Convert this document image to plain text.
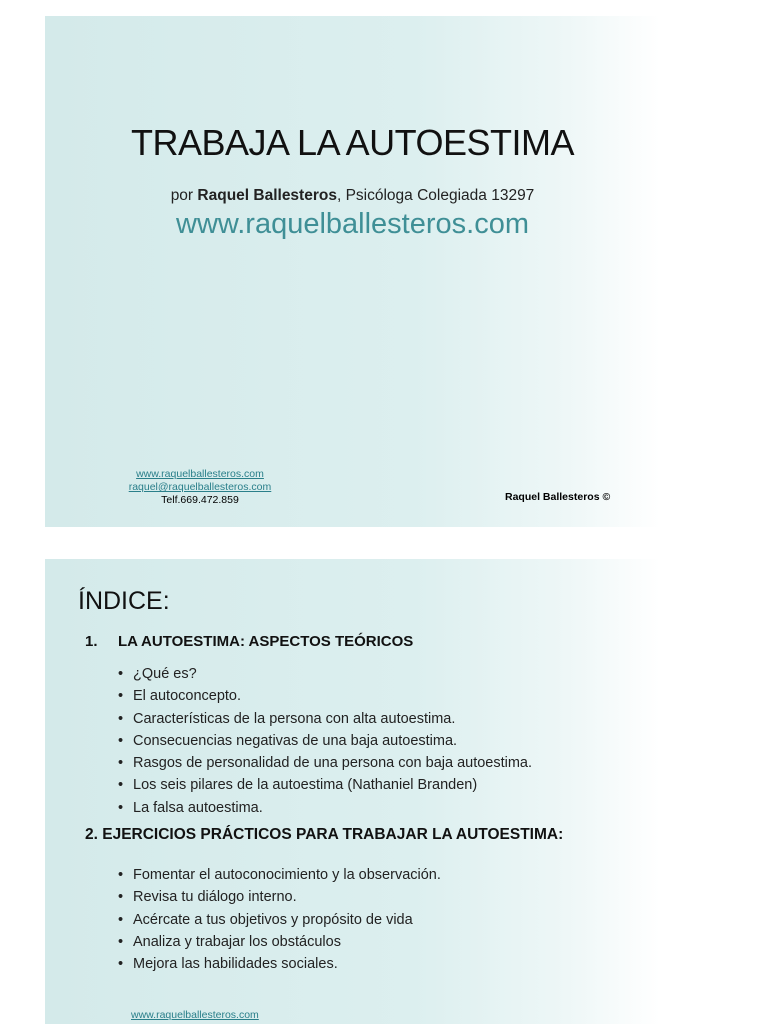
TRABAJA LA AUTOESTIMA
por Raquel Ballesteros, Psicóloga Colegiada 13297
www.raquelballesteros.com
www.raquelballesteros.com
raquel@raquelballesteros.com
Telf.669.472.859	Raquel Ballesteros ©
ÍNDICE:
1. LA AUTOESTIMA: ASPECTOS TEÓRICOS
• ¿Qué es?
• El autoconcepto.
• Características de la persona con alta autoestima.
• Consecuencias negativas de una baja autoestima.
• Rasgos de personalidad de una persona con baja autoestima.
• Los seis pilares de la autoestima (Nathaniel Branden)
• La falsa autoestima.
2. EJERCICIOS PRÁCTICOS PARA TRABAJAR LA AUTOESTIMA:
• Fomentar el autoconocimiento y la observación.
• Revisa tu diálogo interno.
• Acércate a tus objetivos y propósito de vida
• Analiza y trabajar los obstáculos
• Mejora las habilidades sociales.
www.raquelballesteros.com
